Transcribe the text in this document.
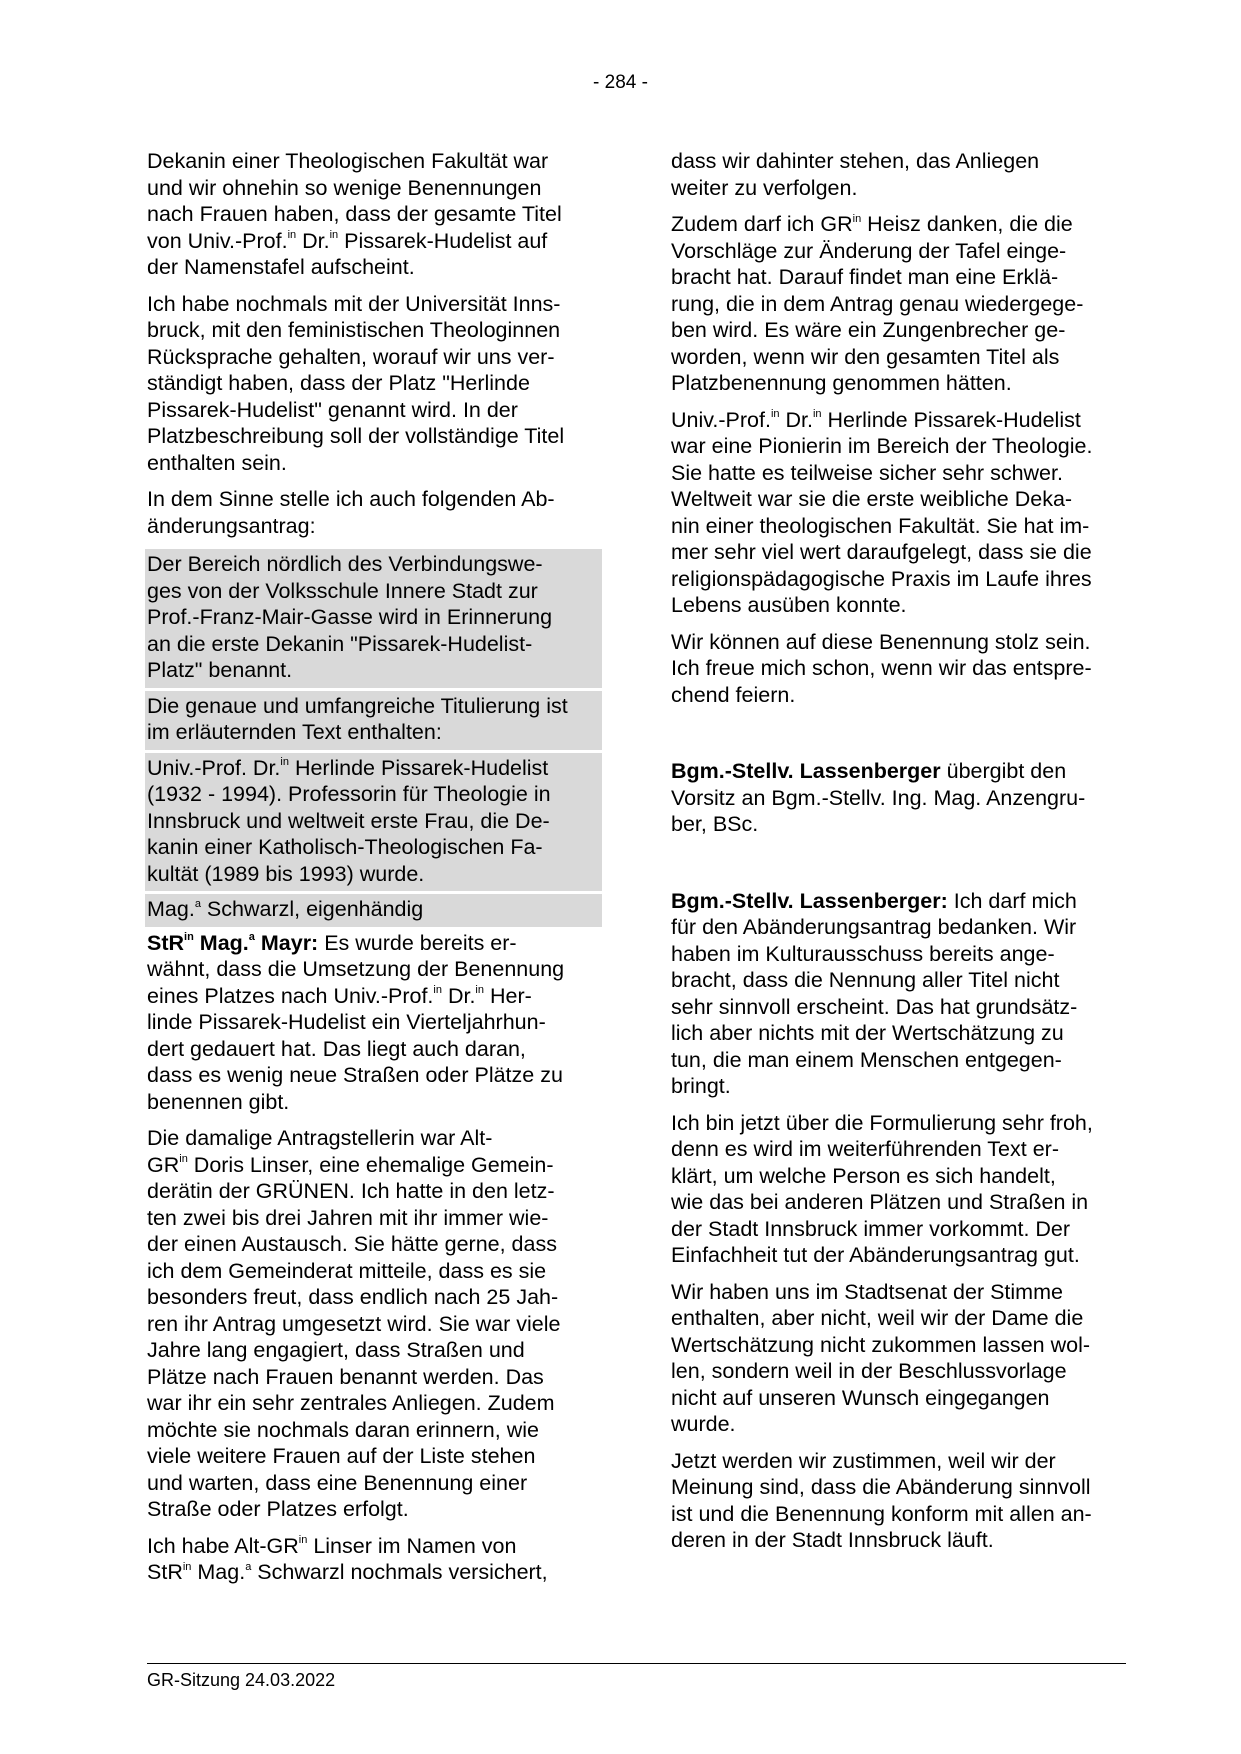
- 284 -
Dekanin einer Theologischen Fakultät war
und wir ohnehin so wenige Benennungen
nach Frauen haben, dass der gesamte Titel
von Univ.-Prof.$^{in}$ Dr.$^{in}$ Pissarek-Hudelist auf
der Namenstafel aufscheint.
Ich habe nochmals mit der Universität Inns-
bruck, mit den feministischen Theologinnen
Rücksprache gehalten, worauf wir uns ver-
ständigt haben, dass der Platz "Herlinde
Pissarek-Hudelist" genannt wird. In der
Platzbeschreibung soll der vollständige Titel
enthalten sein.
In dem Sinne stelle ich auch folgenden Ab-
änderungsantrag:
Der Bereich nördlich des Verbindungswe-
ges von der Volksschule Innere Stadt zur
Prof.-Franz-Mair-Gasse wird in Erinnerung
an die erste Dekanin "Pissarek-Hudelist-
Platz" benannt.
Die genaue und umfangreiche Titulierung ist
im erläuternden Text enthalten:
Univ.-Prof. Dr.$^{in}$ Herlinde Pissarek-Hudelist
(1932 - 1994). Professorin für Theologie in
Innsbruck und weltweit erste Frau, die De-
kanin einer Katholisch-Theologischen Fa-
kultät (1989 bis 1993) wurde.
Mag.$^a$ Schwarzl, eigenhändig
StR$^{in}$ Mag.$^a$ Mayr: Es wurde bereits er-
wähnt, dass die Umsetzung der Benennung
eines Platzes nach Univ.-Prof.$^{in}$ Dr.$^{in}$ Her-
linde Pissarek-Hudelist ein Vierteljahrhun-
dert gedauert hat. Das liegt auch daran,
dass es wenig neue Straßen oder Plätze zu
benennen gibt.
Die damalige Antragstellerin war Alt-
$GR^{in}$ Doris Linser, eine ehemalige Gemein-
derätin der GRÜNEN. Ich hatte in den letz-
ten zwei bis drei Jahren mit ihr immer wie-
der einen Austausch. Sie hätte gerne, dass
ich dem Gemeinderat mitteile, dass es sie
besonders freut, dass endlich nach 25 Jah-
ren ihr Antrag umgesetzt wird. Sie war viele
Jahre lang engagiert, dass Straßen und
Plätze nach Frauen benannt werden. Das
war ihr ein sehr zentrales Anliegen. Zudem
möchte sie nochmals daran erinnern, wie
viele weitere Frauen auf der Liste stehen
und warten, dass eine Benennung einer
Straße oder Platzes erfolgt.
Ich habe Alt-$GR^{in}$ Linser im Namen von
StR$^{in}$ Mag.$^a$ Schwarzl nochmals versichert,
dass wir dahinter stehen, das Anliegen
weiter zu verfolgen.
Zudem darf ich $GR^{in}$ Heisz danken, die die
Vorschläge zur Änderung der Tafel einge-
bracht hat. Darauf findet man eine Erklä-
rung, die in dem Antrag genau wiedergege-
ben wird. Es wäre ein Zungenbrecher ge-
worden, wenn wir den gesamten Titel als
Platzbenennung genommen hätten.
Univ.-Prof.$^{in}$ Dr.$^{in}$ Herlinde Pissarek-Hudelist
war eine Pionierin im Bereich der Theologie.
Sie hatte es teilweise sicher sehr schwer.
Weltweit war sie die erste weibliche Deka-
nin einer theologischen Fakultät. Sie hat im-
mer sehr viel wert daraufgelegt, dass sie die
religionspädagogische Praxis im Laufe ihres
Lebens ausüben konnte.
Wir können auf diese Benennung stolz sein.
Ich freue mich schon, wenn wir das entspre-
chend feiern.
Bgm.-Stellv. Lassenberger übergibt den
Vorsitz an Bgm.-Stellv. Ing. Mag. Anzengru-
ber, BSc.
Bgm.-Stellv. Lassenberger: Ich darf mich
für den Abänderungsantrag bedanken. Wir
haben im Kulturausschuss bereits ange-
bracht, dass die Nennung aller Titel nicht
sehr sinnvoll erscheint. Das hat grundsätz-
lich aber nichts mit der Wertschätzung zu
tun, die man einem Menschen entgegen-
bringt.
Ich bin jetzt über die Formulierung sehr froh,
denn es wird im weiterführenden Text er-
klärt, um welche Person es sich handelt,
wie das bei anderen Plätzen und Straßen in
der Stadt Innsbruck immer vorkommt. Der
Einfachheit tut der Abänderungsantrag gut.
Wir haben uns im Stadtsenat der Stimme
enthalten, aber nicht, weil wir der Dame die
Wertschätzung nicht zukommen lassen wol-
len, sondern weil in der Beschlussvorlage
nicht auf unseren Wunsch eingegangen
wurde.
Jetzt werden wir zustimmen, weil wir der
Meinung sind, dass die Abänderung sinnvoll
ist und die Benennung konform mit allen an-
deren in der Stadt Innsbruck läuft.
GR-Sitzung 24.03.2022
